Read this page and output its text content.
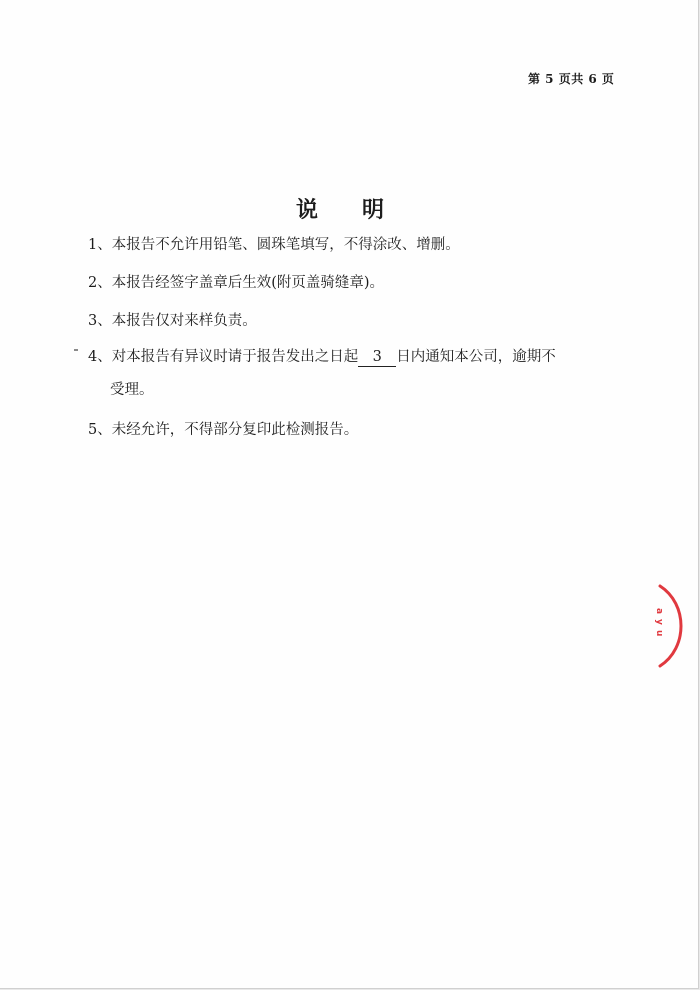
第 5 页共 6 页
说 明
1、本报告不允许用铅笔、圆珠笔填写，不得涂改、增删。
2、本报告经签字盖章后生效(附页盖骑缝章)。
3、本报告仅对来样负责。
4、对本报告有异议时请于报告发出之日起 3 日内通知本公司，逾期不
受理。
5、未经允许，不得部分复印此检测报告。
a
y
u
